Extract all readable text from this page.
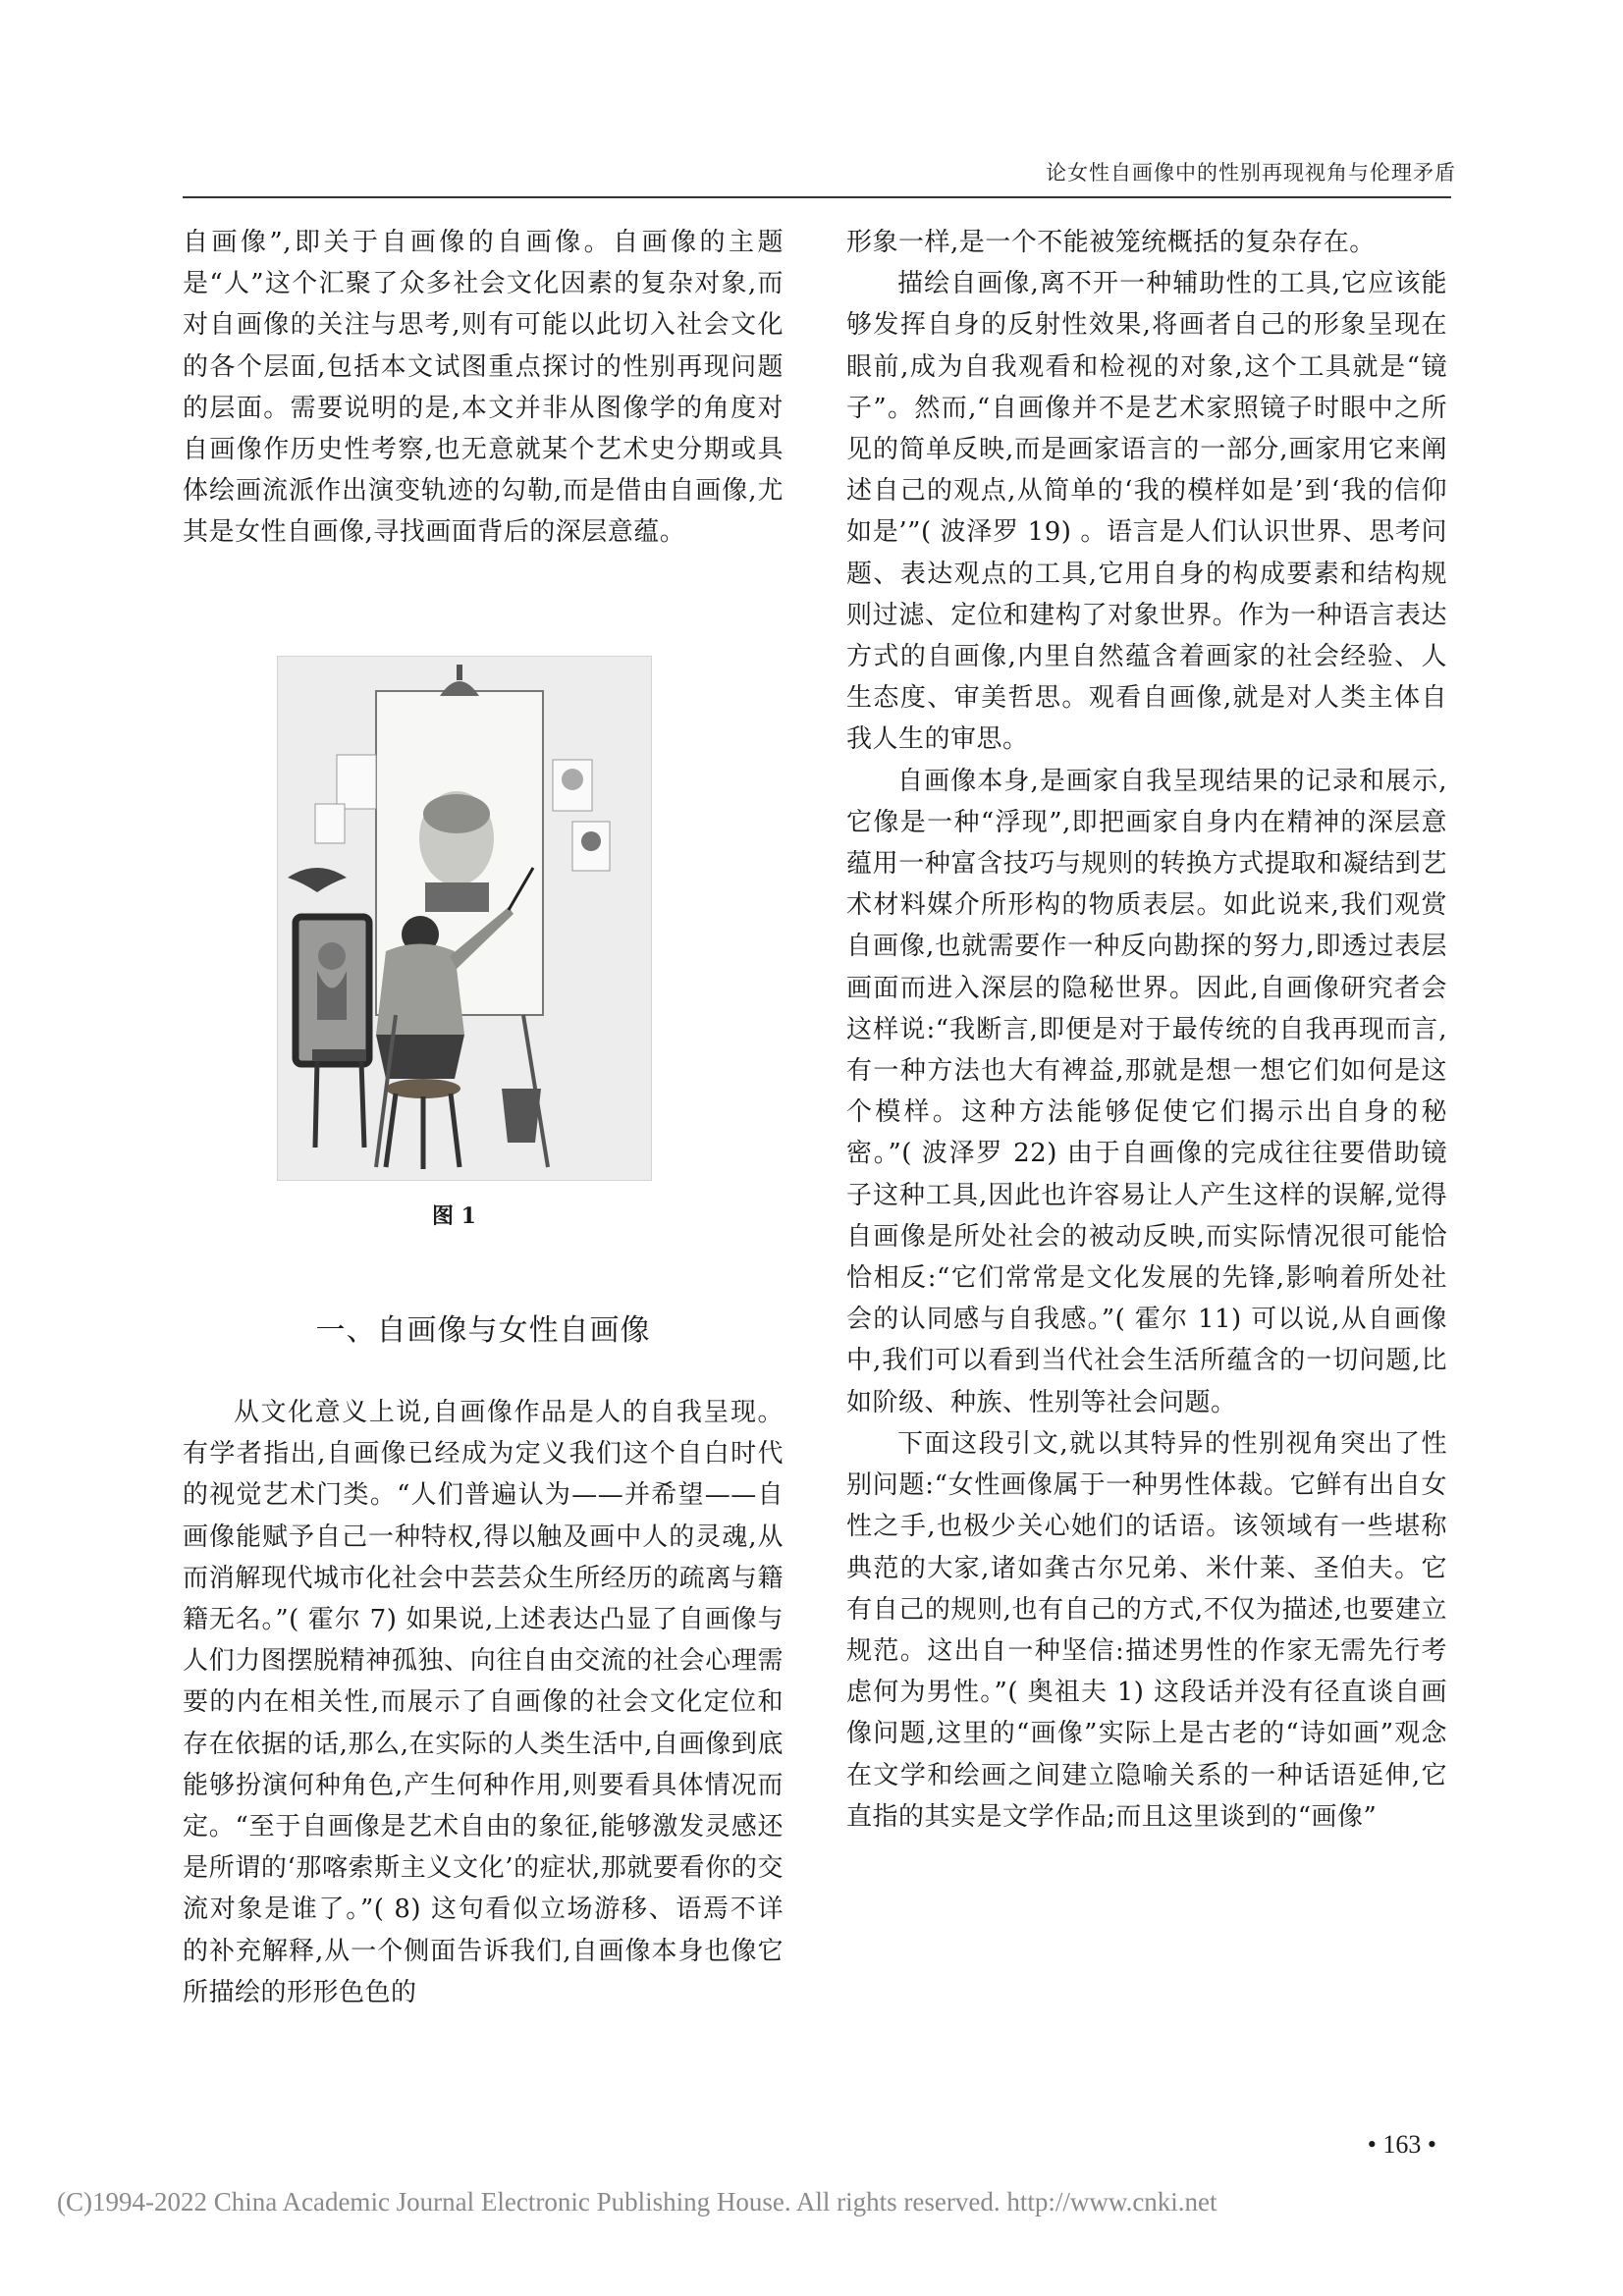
论女性自画像中的性别再现视角与伦理矛盾

自画像”,即关于自画像的自画像。自画像的主题是“人”这个汇聚了众多社会文化因素的复杂对象,而对自画像的关注与思考,则有可能以此切入社会文化的各个层面,包括本文试图重点探讨的性别再现问题的层面。需要说明的是,本文并非从图像学的角度对自画像作历史性考察,也无意就某个艺术史分期或具体绘画流派作出演变轨迹的勾勒,而是借由自画像,尤其是女性自画像,寻找画面背后的深层意蕴。

图 1
一、自画像与女性自画像

从文化意义上说,自画像作品是人的自我呈现。有学者指出,自画像已经成为定义我们这个自白时代的视觉艺术门类。“人们普遍认为——并希望——自画像能赋予自己一种特权,得以触及画中人的灵魂,从而消解现代城市化社会中芸芸众生所经历的疏离与籍籍无名。”( 霍尔 7) 如果说,上述表达凸显了自画像与人们力图摆脱精神孤独、向往自由交流的社会心理需要的内在相关性,而展示了自画像的社会文化定位和存在依据的话,那么,在实际的人类生活中,自画像到底能够扮演何种角色,产生何种作用,则要看具体情况而定。“至于自画像是艺术自由的象征,能够激发灵感还是所谓的‘那喀索斯主义文化’的症状,那就要看你的交流对象是谁了。”( 8) 这句看似立场游移、语焉不详的补充解释,从一个侧面告诉我们,自画像本身也像它所描绘的形形色色的

形象一样,是一个不能被笼统概括的复杂存在。

描绘自画像,离不开一种辅助性的工具,它应该能够发挥自身的反射性效果,将画者自己的形象呈现在眼前,成为自我观看和检视的对象,这个工具就是“镜子”。然而,“自画像并不是艺术家照镜子时眼中之所见的简单反映,而是画家语言的一部分,画家用它来阐述自己的观点,从简单的‘我的模样如是’到‘我的信仰如是’”( 波泽罗 19) 。语言是人们认识世界、思考问题、表达观点的工具,它用自身的构成要素和结构规则过滤、定位和建构了对象世界。作为一种语言表达方式的自画像,内里自然蕴含着画家的社会经验、人生态度、审美哲思。观看自画像,就是对人类主体自我人生的审思。

自画像本身,是画家自我呈现结果的记录和展示,它像是一种“浮现”,即把画家自身内在精神的深层意蕴用一种富含技巧与规则的转换方式提取和凝结到艺术材料媒介所形构的物质表层。如此说来,我们观赏自画像,也就需要作一种反向勘探的努力,即透过表层画面而进入深层的隐秘世界。因此,自画像研究者会这样说:“我断言,即便是对于最传统的自我再现而言,有一种方法也大有裨益,那就是想一想它们如何是这个模样。这种方法能够促使它们揭示出自身的秘密。”( 波泽罗 22) 由于自画像的完成往往要借助镜子这种工具,因此也许容易让人产生这样的误解,觉得自画像是所处社会的被动反映,而实际情况很可能恰恰相反:“它们常常是文化发展的先锋,影响着所处社会的认同感与自我感。”( 霍尔 11) 可以说,从自画像中,我们可以看到当代社会生活所蕴含的一切问题,比如阶级、种族、性别等社会问题。

下面这段引文,就以其特异的性别视角突出了性别问题:“女性画像属于一种男性体裁。它鲜有出自女性之手,也极少关心她们的话语。该领域有一些堪称典范的大家,诸如龚古尔兄弟、米什莱、圣伯夫。它有自己的规则,也有自己的方式,不仅为描述,也要建立规范。这出自一种坚信:描述男性的作家无需先行考虑何为男性。”( 奥祖夫 1) 这段话并没有径直谈自画像问题,这里的“画像”实际上是古老的“诗如画”观念在文学和绘画之间建立隐喻关系的一种话语延伸,它直指的其实是文学作品;而且这里谈到的“画像”

• 163 •
(C)1994-2022 China Academic Journal Electronic Publishing House. All rights reserved. http://www.cnki.net
